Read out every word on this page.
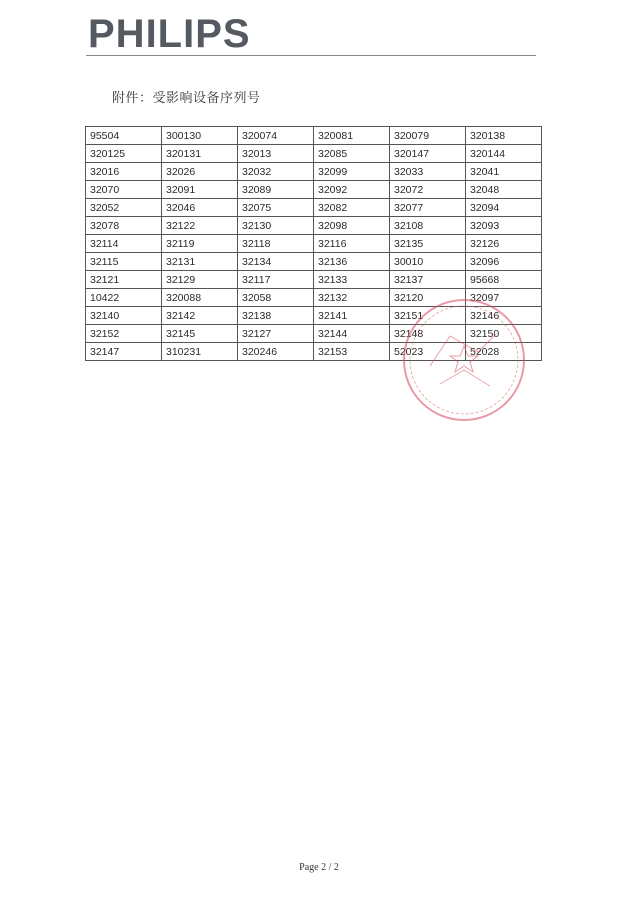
PHILIPS
附件：受影响设备序列号
95504	300130	320074	320081	320079	320138
320125	320131	32013	32085	320147	320144
32016	32026	32032	32099	32033	32041
32070	32091	32089	32092	32072	32048
32052	32046	32075	32082	32077	32094
32078	32122	32130	32098	32108	32093
32114	32119	32118	32116	32135	32126
32115	32131	32134	32136	30010	32096
32121	32129	32117	32133	32137	95668
10422	320088	32058	32132	32120	32097
32140	32142	32138	32141	32151	32146
32152	32145	32127	32144	32148	32150
32147	310231	320246	32153	52023	52028
Page 2 / 2
